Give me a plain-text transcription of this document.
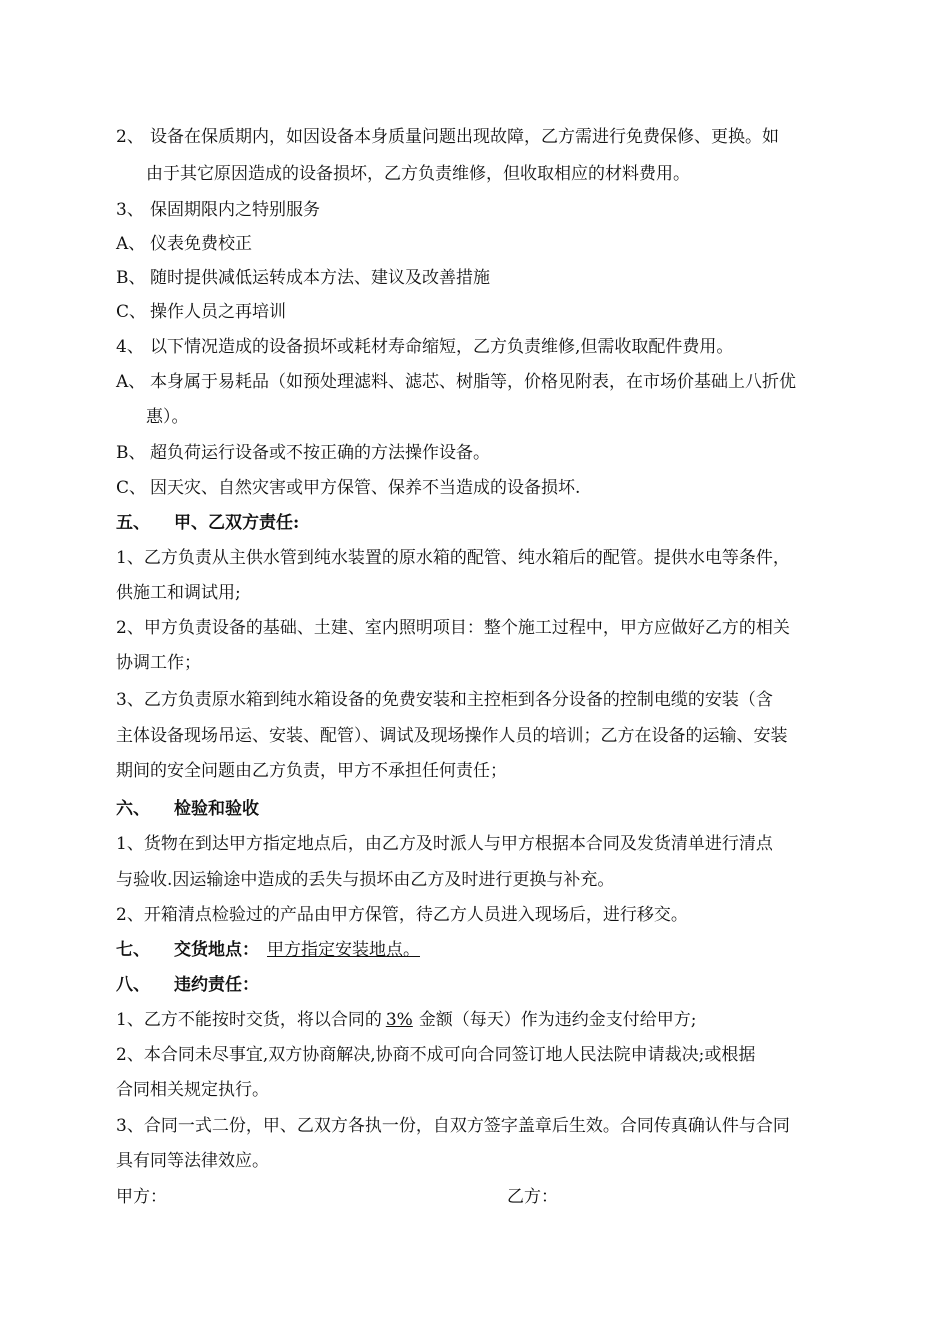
2、 设备在保质期内，如因设备本身质量问题出现故障，乙方需进行免费保修、更换。如
由于其它原因造成的设备损坏，乙方负责维修，但收取相应的材料费用。
3、 保固期限内之特别服务
A、 仪表免费校正
B、 随时提供减低运转成本方法、建议及改善措施
C、 操作人员之再培训
4、 以下情况造成的设备损坏或耗材寿命缩短，乙方负责维修,但需收取配件费用。
A、 本身属于易耗品（如预处理滤料、滤芯、树脂等，价格见附表，在市场价基础上八折优
惠）。
B、 超负荷运行设备或不按正确的方法操作设备。
C、 因天灾、自然灾害或甲方保管、保养不当造成的设备损坏.
五、 甲、乙双方责任:
1、乙方负责从主供水管到纯水装置的原水箱的配管、纯水箱后的配管。提供水电等条件，
供施工和调试用;
2、甲方负责设备的基础、土建、室内照明项目：整个施工过程中，甲方应做好乙方的相关
协调工作；
3、乙方负责原水箱到纯水箱设备的免费安装和主控柜到各分设备的控制电缆的安装（含
主体设备现场吊运、安装、配管）、调试及现场操作人员的培训；乙方在设备的运输、安装
期间的安全问题由乙方负责，甲方不承担任何责任；
六、 检验和验收
1、货物在到达甲方指定地点后，由乙方及时派人与甲方根据本合同及发货清单进行清点
与验收.因运输途中造成的丢失与损坏由乙方及时进行更换与补充。
2、开箱清点检验过的产品由甲方保管，待乙方人员进入现场后，进行移交。
七、 交货地点： 甲方指定安装地点。
八、 违约责任：
1、乙方不能按时交货，将以合同的 3% 金额（每天）作为违约金支付给甲方;
2、本合同未尽事宜,双方协商解决,协商不成可向合同签订地人民法院申请裁决;或根据
合同相关规定执行。
3、合同一式二份，甲、乙双方各执一份，自双方签字盖章后生效。合同传真确认件与合同
具有同等法律效应。
甲方：	乙方：
